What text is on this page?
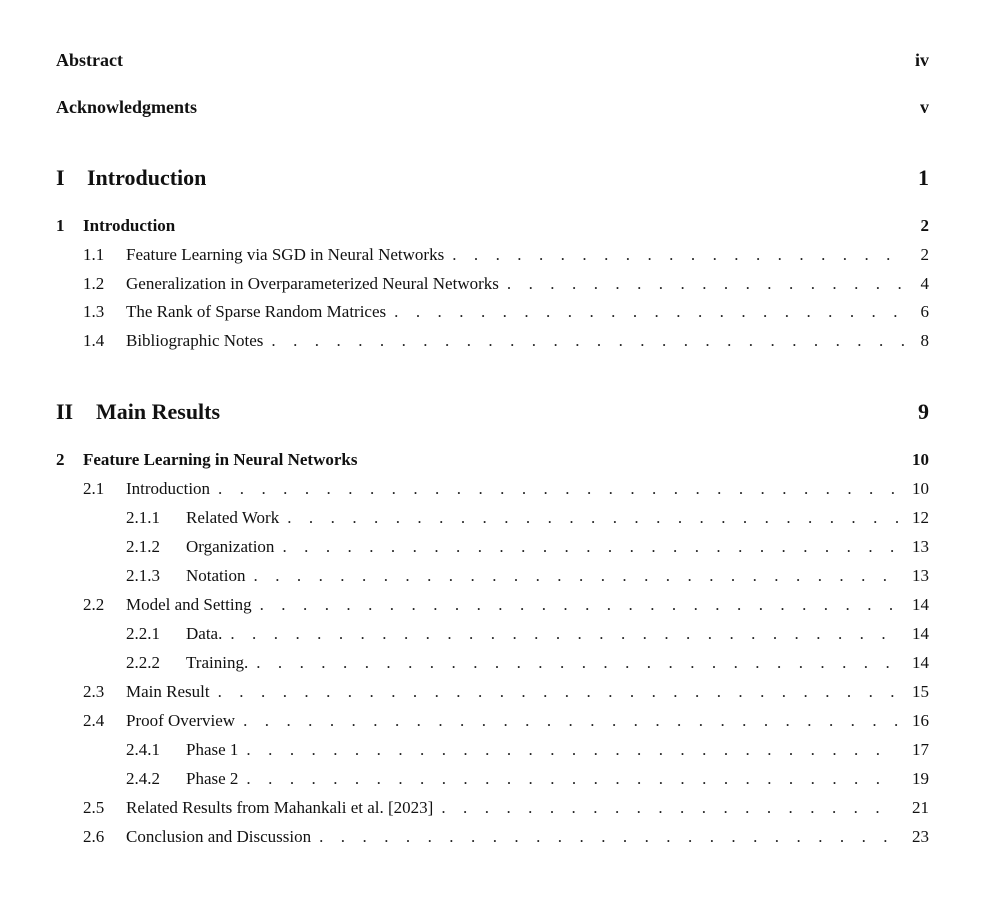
Abstract	iv
Acknowledgments	v
I	Introduction	1
1	Introduction	2
1.1	Feature Learning via SGD in Neural Networks . . .	2
1.2	Generalization in Overparameterized Neural Networks . . .	4
1.3	The Rank of Sparse Random Matrices . . .	6
1.4	Bibliographic Notes . . .	8
II	Main Results	9
2	Feature Learning in Neural Networks	10
2.1	Introduction . . .	10
2.1.1	Related Work . . .	12
2.1.2	Organization . . .	13
2.1.3	Notation . . .	13
2.2	Model and Setting . . .	14
2.2.1	Data. . . .	14
2.2.2	Training. . . .	14
2.3	Main Result . . .	15
2.4	Proof Overview . . .	16
2.4.1	Phase 1 . . .	17
2.4.2	Phase 2 . . .	19
2.5	Related Results from Mahankali et al. [2023] . . .	21
2.6	Conclusion and Discussion . . .	23
